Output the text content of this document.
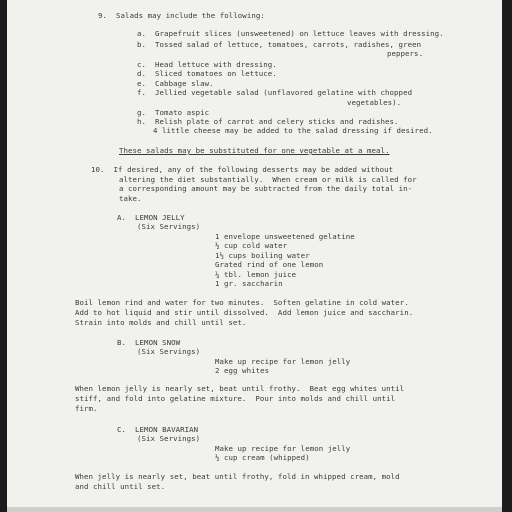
9.  Salads may include the following:
a.  Grapefruit slices (unsweetened) on lettuce leaves with dressing.
b.  Tossed salad of lettuce, tomatoes, carrots, radishes, green
peppers.
c.  Head lettuce with dressing.
d.  Sliced tomatoes on lettuce.
e.  Cabbage slaw.
f.  Jellied vegetable salad (unflavored gelatine with chopped
vegetables).
g.  Tomato aspic
h.  Relish plate of carrot and celery sticks and radishes.
4 little cheese may be added to the salad dressing if desired.
These salads may be substituted for one vegetable at a meal.
10.  If desired, any of the following desserts may be added without
altering the diet substantially.  When cream or milk is called for
a corresponding amount may be subtracted from the daily total in-
take.
A.  LEMON JELLY
(Six Servings)
1 envelope unsweetened gelatine
½ cup cold water
1½ cups boiling water
Grated rind of one lemon
¼ tbl. lemon juice
1 gr. saccharin
Boil lemon rind and water for two minutes.  Soften gelatine in cold water.
Add to hot liquid and stir until dissolved.  Add lemon juice and saccharin.
Strain into molds and chill until set.
B.  LEMON SNOW
(Six Servings)
Make up recipe for lemon jelly
2 egg whites
When lemon jelly is nearly set, beat until frothy.  Beat egg whites until
stiff, and fold into gelatine mixture.  Pour into molds and chill until
firm.
C.  LEMON BAVARIAN
(Six Servings)
Make up recipe for lemon jelly
½ cup cream (whipped)
When jelly is nearly set, beat until frothy, fold in whipped cream, mold
and chill until set.
